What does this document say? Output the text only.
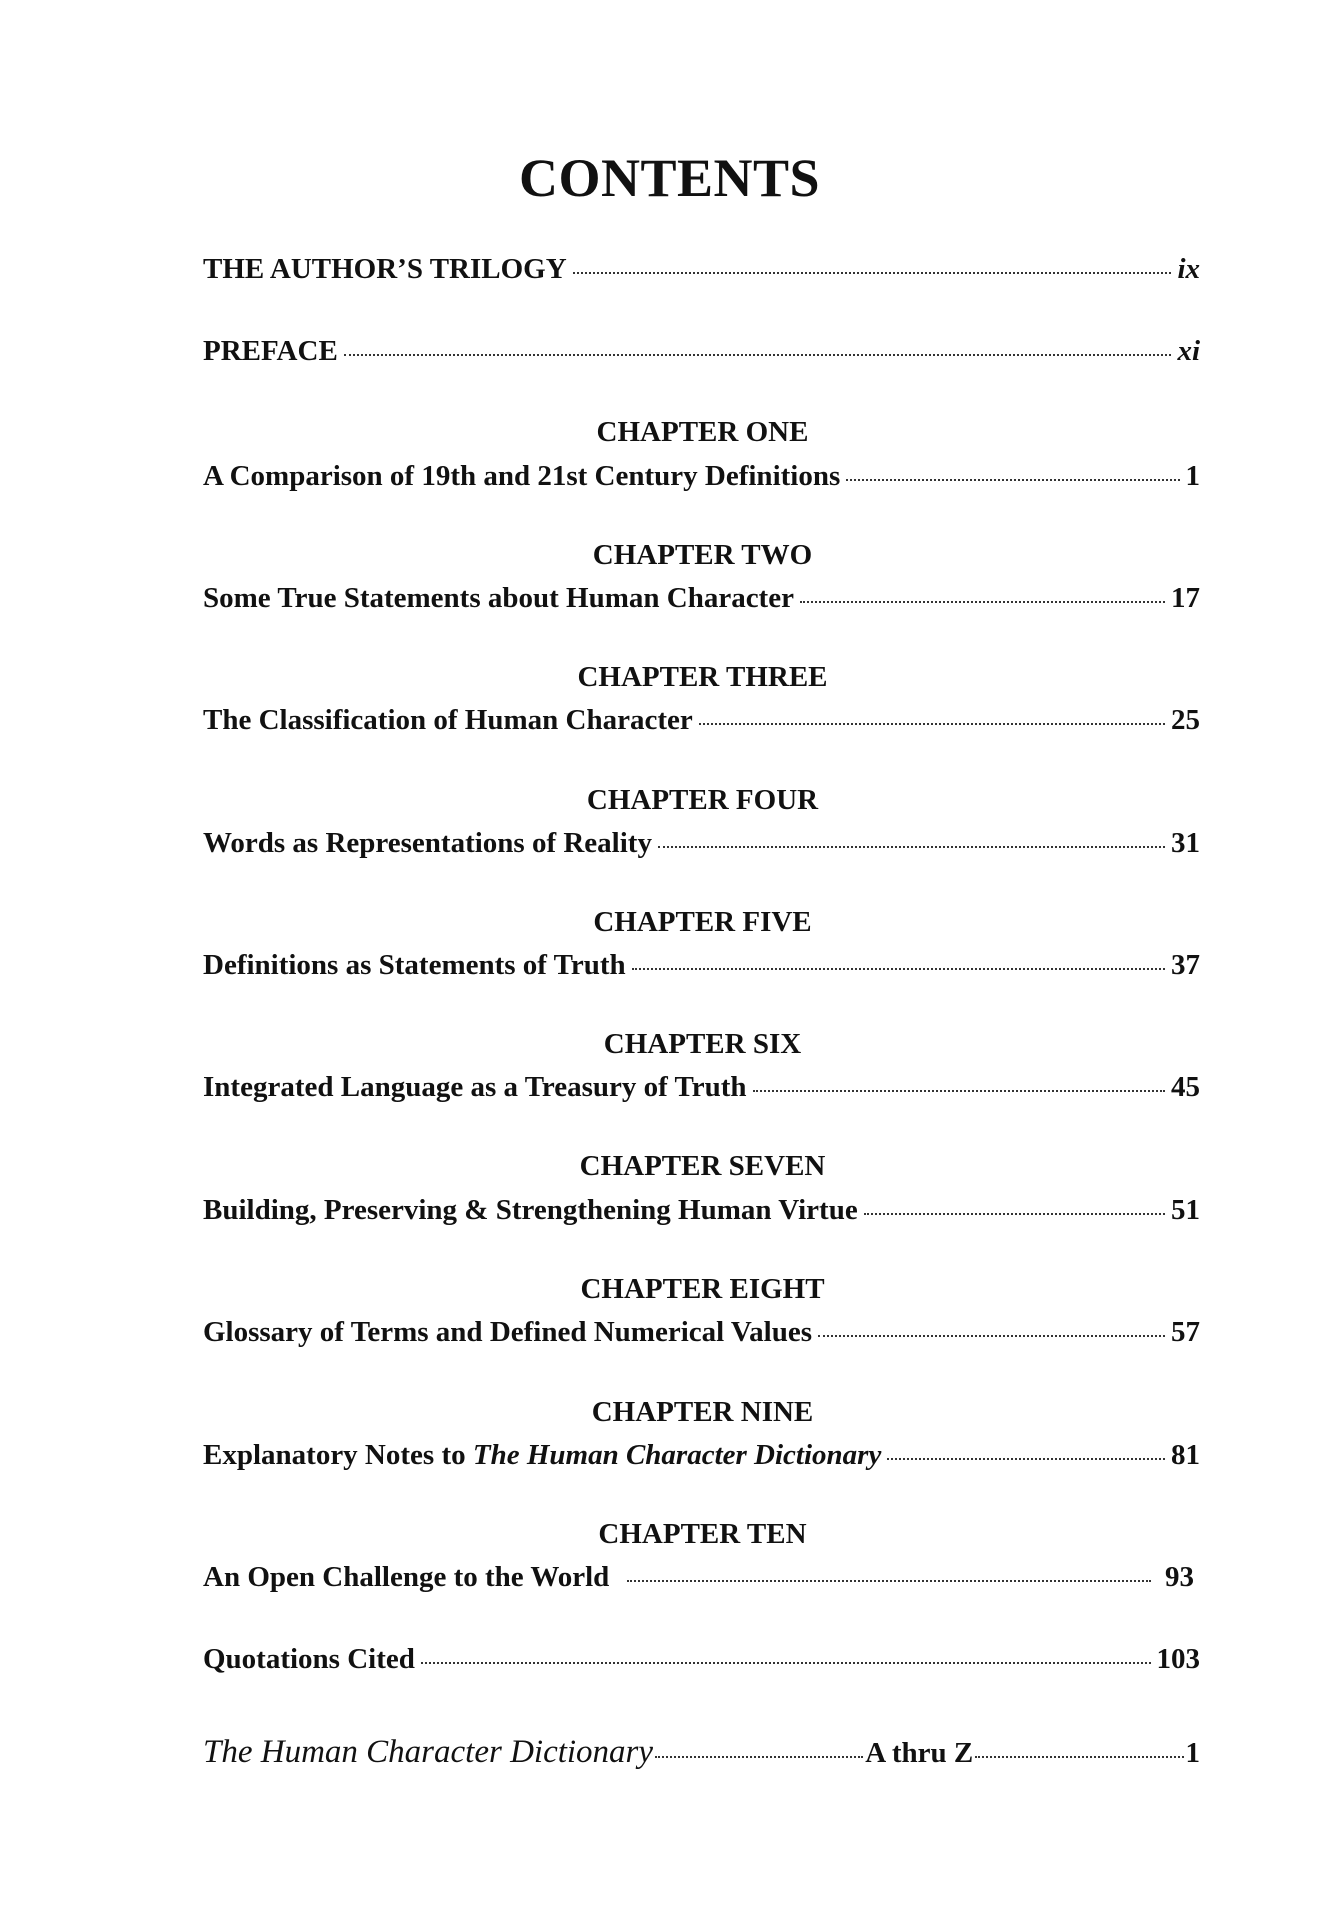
CONTENTS
THE AUTHOR’S TRILOGY	ix
PREFACE	xi
CHAPTER ONE
A Comparison of 19th and 21st Century Definitions	1
CHAPTER TWO
Some True Statements about Human Character	17
CHAPTER THREE
The Classification of Human Character	25
CHAPTER FOUR
Words as Representations of Reality	31
CHAPTER FIVE
Definitions as Statements of Truth	37
CHAPTER SIX
Integrated Language as a Treasury of Truth	45
CHAPTER SEVEN
Building, Preserving & Strengthening Human Virtue	51
CHAPTER EIGHT
Glossary of Terms and Defined Numerical Values	57
CHAPTER NINE
Explanatory Notes to The Human Character Dictionary	81
CHAPTER TEN
An Open Challenge to the World	93
Quotations Cited	103
The Human Character Dictionary	A thru Z	1
